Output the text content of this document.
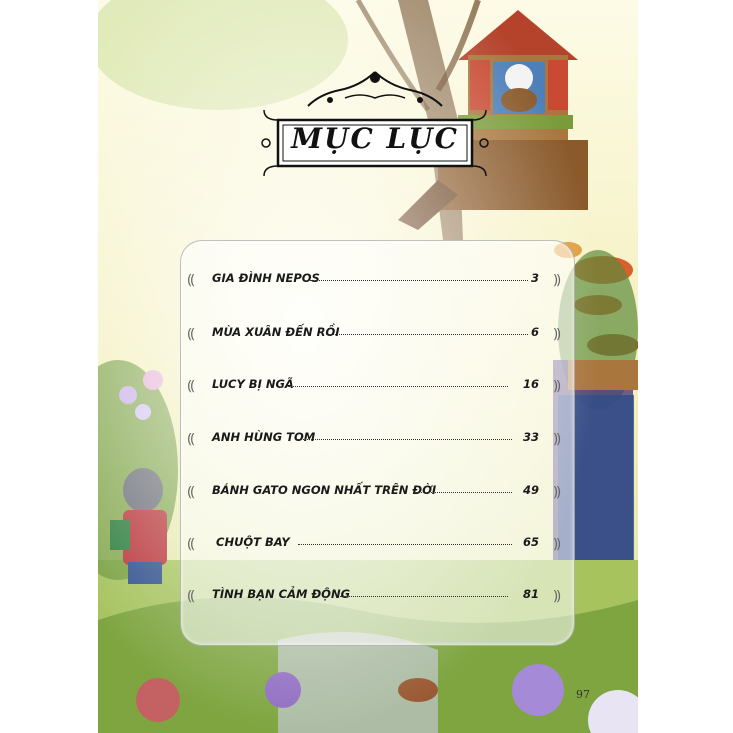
MỤC LỤC
⸨ GIA ĐÌNH NEPOS	3 ⸩
⸨ MÙA XUÂN ĐẾN RỒI	6 ⸩
⸨ LUCY BỊ NGÃ	16 ⸩
⸨ ANH HÙNG TOM	33 ⸩
⸨ BÁNH GATO NGON NHẤT TRÊN ĐỜI	49 ⸩
⸨ CHUỘT BAY	65 ⸩
⸨ TÌNH BẠN CẢM ĐỘNG	81 ⸩
97
